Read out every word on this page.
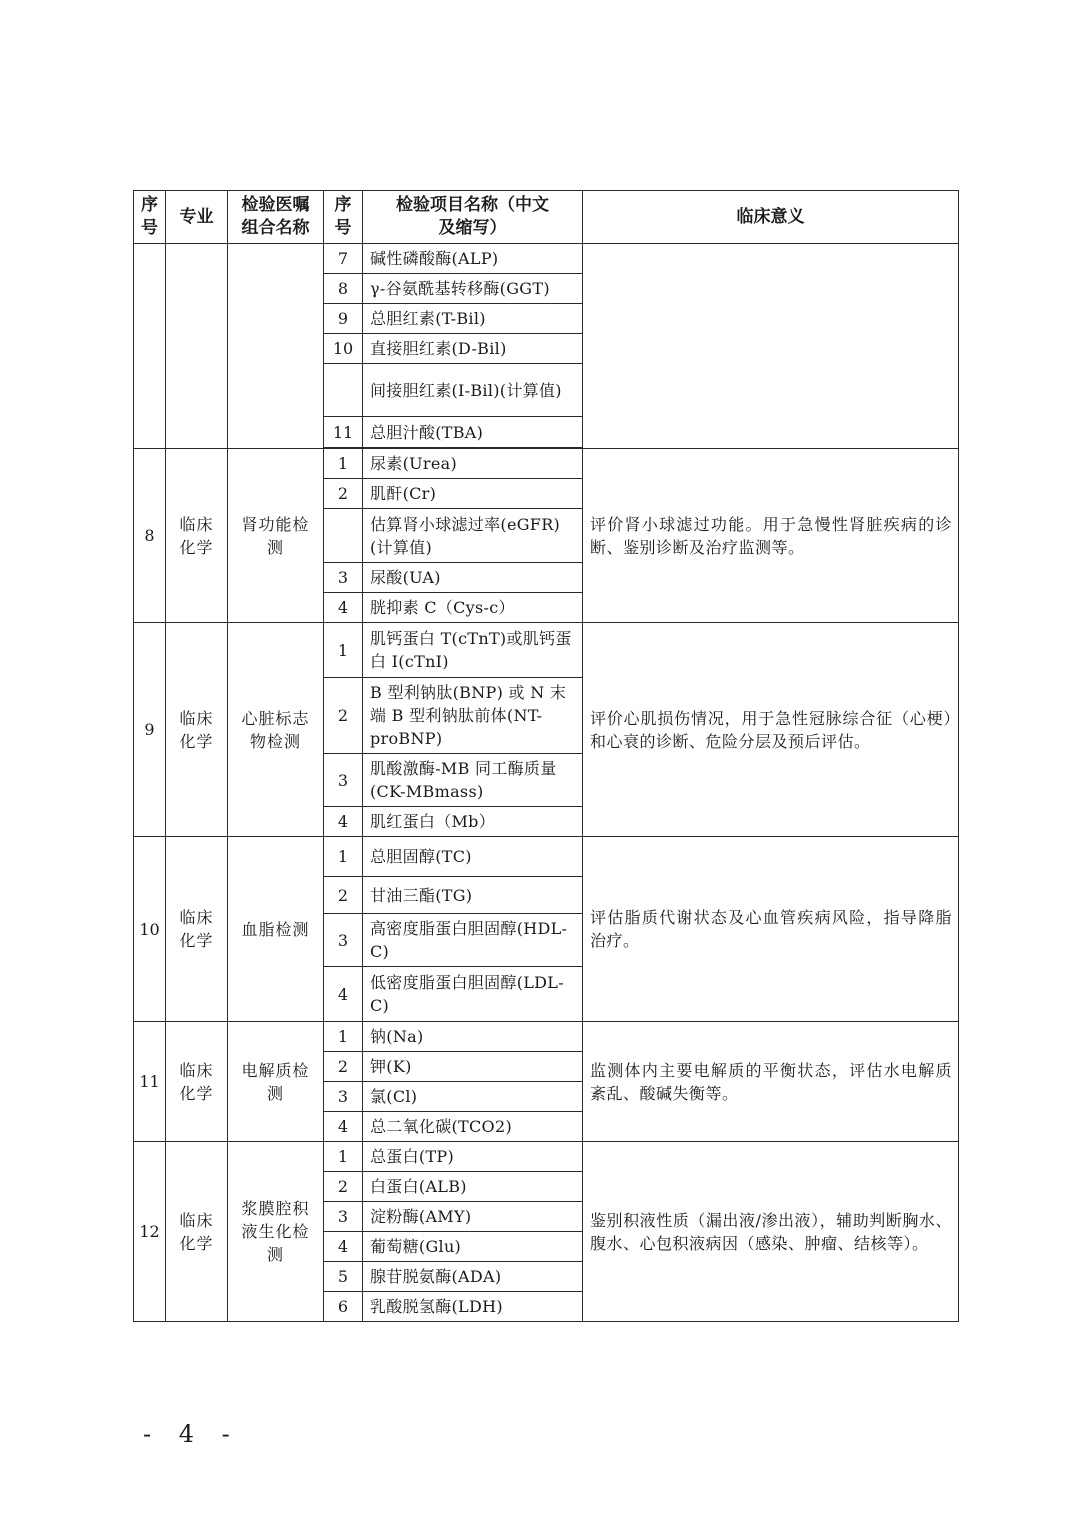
序号	专业	检验医嘱组合名称	序号	检验项目名称（中文及缩写）	临床意义
			7	碱性磷酸酶(ALP)	
			8	γ-谷氨酰基转移酶(GGT)	
			9	总胆红素(T-Bil)	
			10	直接胆红素(D-Bil)	
				间接胆红素(I-Bil)(计算值)	
			11	总胆汁酸(TBA)	

8	临床化学	肾功能检测	1	尿素(Urea)	评价肾小球滤过功能。用于急慢性肾脏疾病的诊断、鉴别诊断及治疗监测等。
			2	肌酐(Cr)	
				估算肾小球滤过率(eGFR)(计算值)	
			3	尿酸(UA)	
			4	胱抑素 C（Cys-c）	
9	临床化学	心脏标志物检测	1	肌钙蛋白 T(cTnT)或肌钙蛋白 I(cTnI)	评价心肌损伤情况，用于急性冠脉综合征（心梗）和心衰的诊断、危险分层及预后评估。
			2	B 型利钠肽(BNP) 或 N 末端 B 型利钠肽前体(NT-proBNP)	
			3	肌酸激酶-MB 同工酶质量(CK-MBmass)	
			4	肌红蛋白（Mb）	
10	临床化学	血脂检测	1	总胆固醇(TC)	评估脂质代谢状态及心血管疾病风险，指导降脂治疗。
			2	甘油三酯(TG)	
			3	高密度脂蛋白胆固醇(HDL-C)	
			4	低密度脂蛋白胆固醇(LDL-C)	
11	临床化学	电解质检测	1	钠(Na)	监测体内主要电解质的平衡状态，评估水电解质紊乱、酸碱失衡等。
			2	钾(K)	
			3	氯(Cl)	
			4	总二氧化碳(TCO2)	
12	临床化学	浆膜腔积液生化检测	1	总蛋白(TP)	鉴别积液性质（漏出液/渗出液），辅助判断胸水、腹水、心包积液病因（感染、肿瘤、结核等）。
			2	白蛋白(ALB)	
			3	淀粉酶(AMY)	
			4	葡萄糖(Glu)	
			5	腺苷脱氨酶(ADA)	
			6	乳酸脱氢酶(LDH)	
- 4 -
